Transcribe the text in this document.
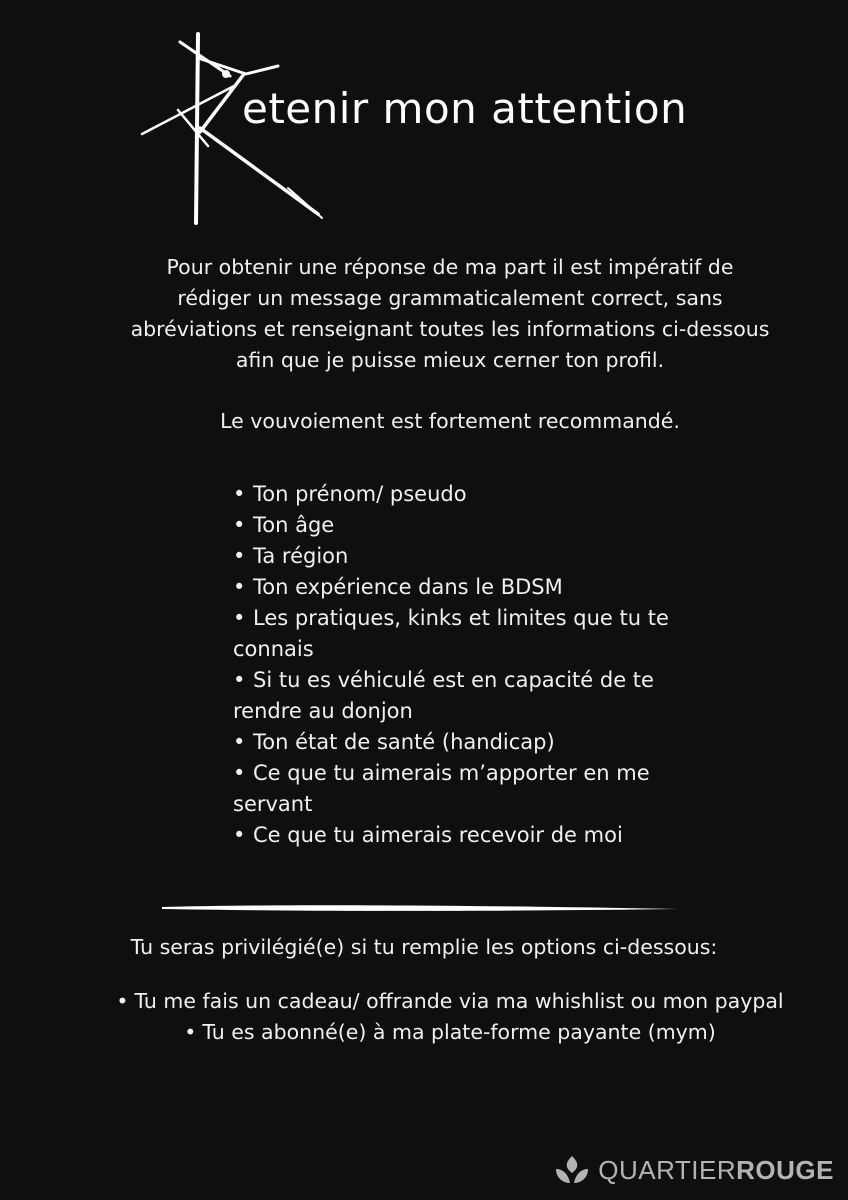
etenir mon attention
Pour obtenir une réponse de ma part il est impératif de rédiger un message grammaticalement correct, sans abréviations et renseignant toutes les informations ci-dessous afin que je puisse mieux cerner ton profil.
Le vouvoiement est fortement recommandé.
• Ton prénom/ pseudo
• Ton âge
• Ta région
• Ton expérience dans le BDSM
• Les pratiques, kinks et limites que tu te connais
• Si tu es véhiculé est en capacité de te rendre au donjon
• Ton état de santé (handicap)
• Ce que tu aimerais m’apporter en me servant
• Ce que tu aimerais recevoir de moi
Tu seras privilégié(e) si tu remplie les options ci-dessous:
• Tu me fais un cadeau/ offrande via ma whishlist ou mon paypal
• Tu es abonné(e) à ma plate-forme payante (mym)
QUARTIERROUGE
